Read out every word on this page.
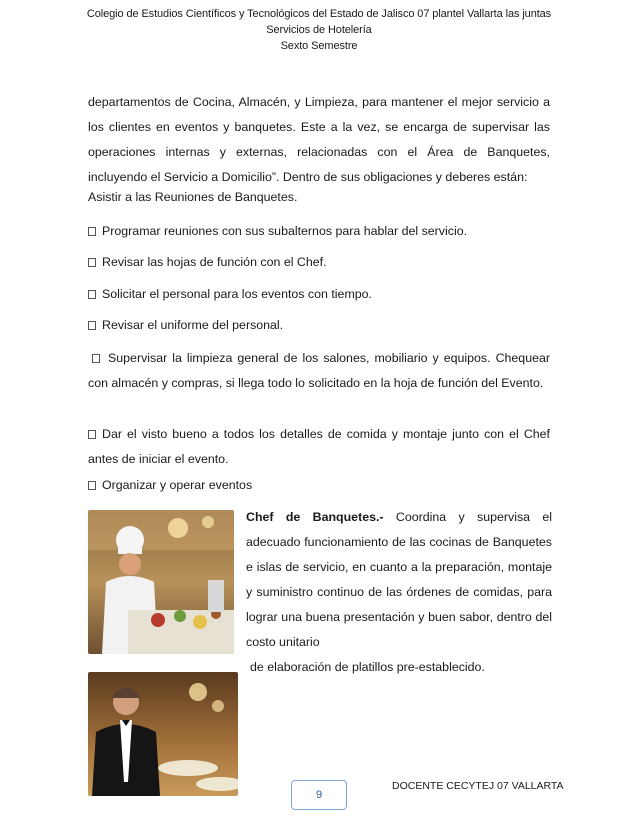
Colegio de Estudios Científicos y Tecnológicos del Estado de Jalisco 07 plantel Vallarta las juntas
Servicios de Hotelería
Sexto Semestre
departamentos de Cocina, Almacén, y Limpieza, para mantener el mejor servicio a los clientes en eventos y banquetes. Este a la vez, se encarga de supervisar las operaciones internas y externas, relacionadas con el Área de Banquetes, incluyendo el Servicio a Domicilio”. Dentro de sus obligaciones y deberes están:
Asistir a las Reuniones de Banquetes.
Programar reuniones con sus subalternos para hablar del servicio.
Revisar las hojas de función con el Chef.
Solicitar el personal para los eventos con tiempo.
Revisar el uniforme del personal.
Supervisar la limpieza general de los salones, mobiliario y equipos. Chequear con almacén y compras, si llega todo lo solicitado en la hoja de función del Evento.
Dar el visto bueno a todos los detalles de comida y montaje junto con el Chef antes de iniciar el evento.
Organizar y operar eventos
Chef de Banquetes.- Coordina y supervisa el adecuado funcionamiento de las cocinas de Banquetes e islas de servicio, en cuanto a la preparación, montaje y suministro continuo de las órdenes de comidas, para lograr una buena presentación y buen sabor, dentro del costo unitario
de elaboración de platillos pre-establecido.
9
DOCENTE CECYTEJ 07 VALLARTA
